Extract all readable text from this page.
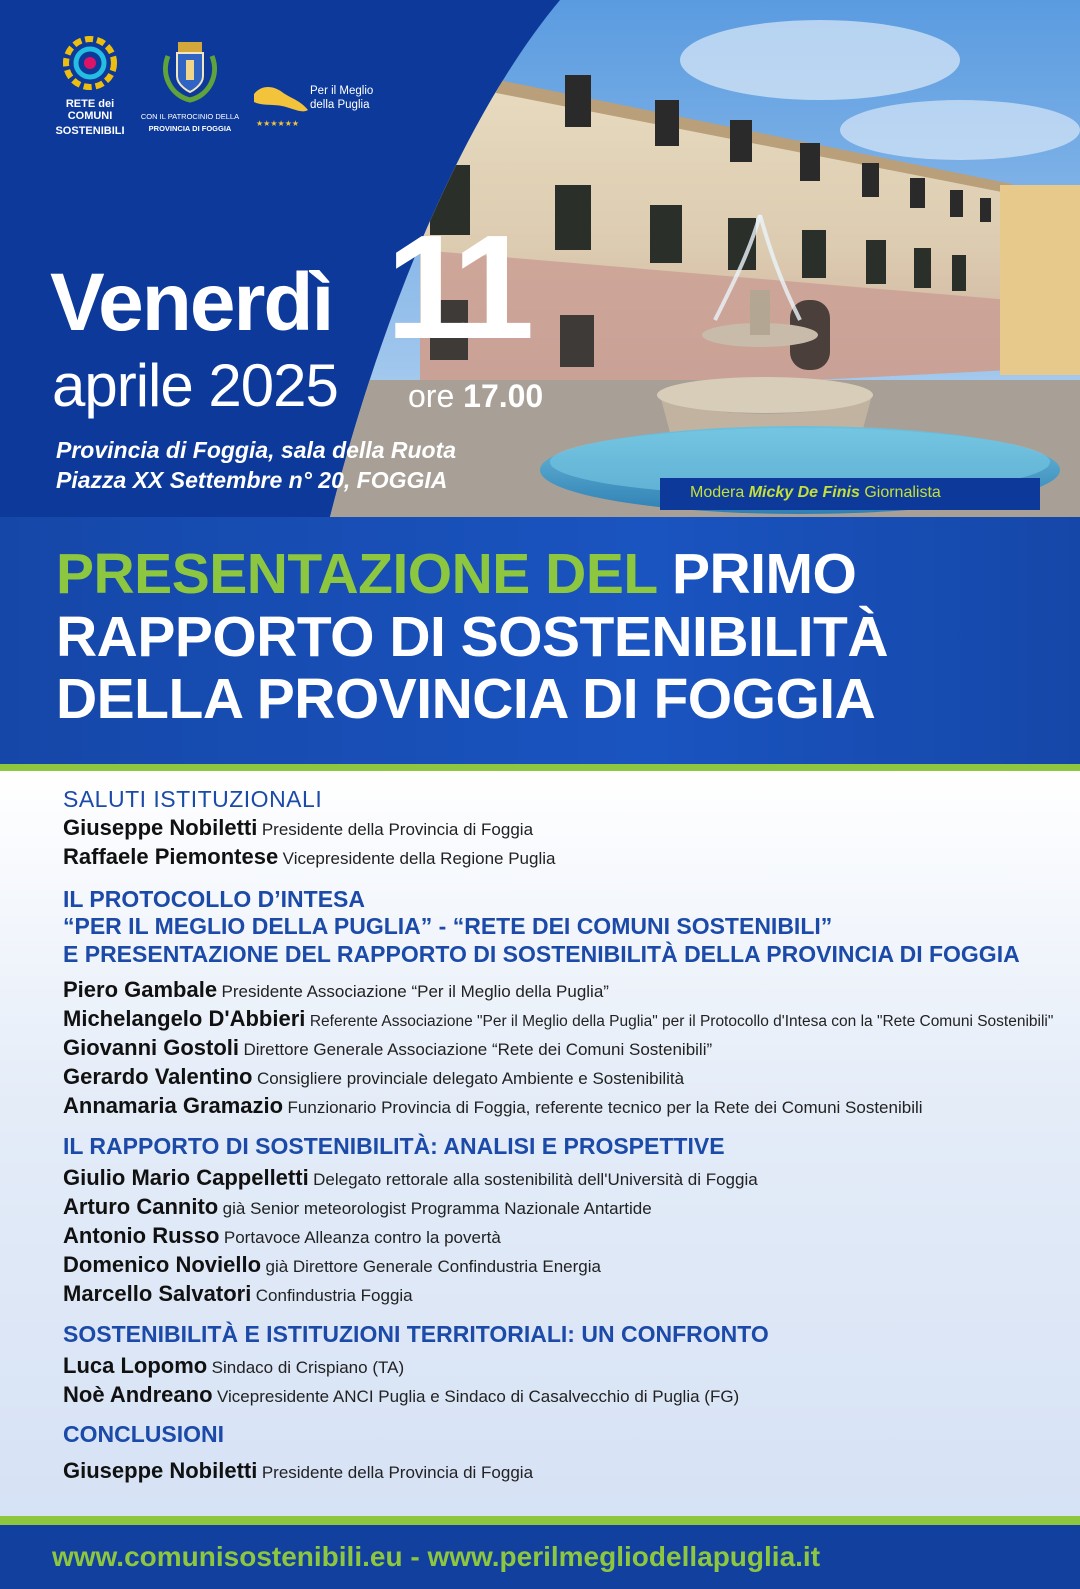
RETE dei COMUNI
SOSTENIBILI
CON IL PATROCINIO DELLA
PROVINCIA DI FOGGIA
★★★★★★
Per il Meglio
della Puglia
Venerdì 11
aprile 2025 ore 17.00
Provincia di Foggia, sala della Ruota
Piazza XX Settembre n° 20, FOGGIA	Modera Micky De Finis Giornalista
PRESENTAZIONE DEL PRIMO
RAPPORTO DI SOSTENIBILITÀ
DELLA PROVINCIA DI FOGGIA
SALUTI ISTITUZIONALI
Giuseppe Nobiletti Presidente della Provincia di Foggia
Raffaele Piemontese Vicepresidente della Regione Puglia
IL PROTOCOLLO D’INTESA
“PER IL MEGLIO DELLA PUGLIA” - “RETE DEI COMUNI SOSTENIBILI”
E PRESENTAZIONE DEL RAPPORTO DI SOSTENIBILITÀ DELLA PROVINCIA DI FOGGIA
Piero Gambale Presidente Associazione “Per il Meglio della Puglia”
Michelangelo D'Abbieri Referente Associazione "Per il Meglio della Puglia" per il Protocollo d'Intesa con la "Rete Comuni Sostenibili"
Giovanni Gostoli Direttore Generale Associazione “Rete dei Comuni Sostenibili”
Gerardo Valentino Consigliere provinciale delegato Ambiente e Sostenibilità
Annamaria Gramazio Funzionario Provincia di Foggia, referente tecnico per la Rete dei Comuni Sostenibili
IL RAPPORTO DI SOSTENIBILITÀ: ANALISI E PROSPETTIVE
Giulio Mario Cappelletti Delegato rettorale alla sostenibilità dell'Università di Foggia
Arturo Cannito già Senior meteorologist Programma Nazionale Antartide
Antonio Russo Portavoce Alleanza contro la povertà
Domenico Noviello già Direttore Generale Confindustria Energia
Marcello Salvatori Confindustria Foggia
SOSTENIBILITÀ E ISTITUZIONI TERRITORIALI: UN CONFRONTO
Luca Lopomo Sindaco di Crispiano (TA)
Noè Andreano Vicepresidente ANCI Puglia e Sindaco di Casalvecchio di Puglia (FG)
CONCLUSIONI
Giuseppe Nobiletti Presidente della Provincia di Foggia
www.comunisostenibili.eu - www.perilmegliodellapuglia.it
